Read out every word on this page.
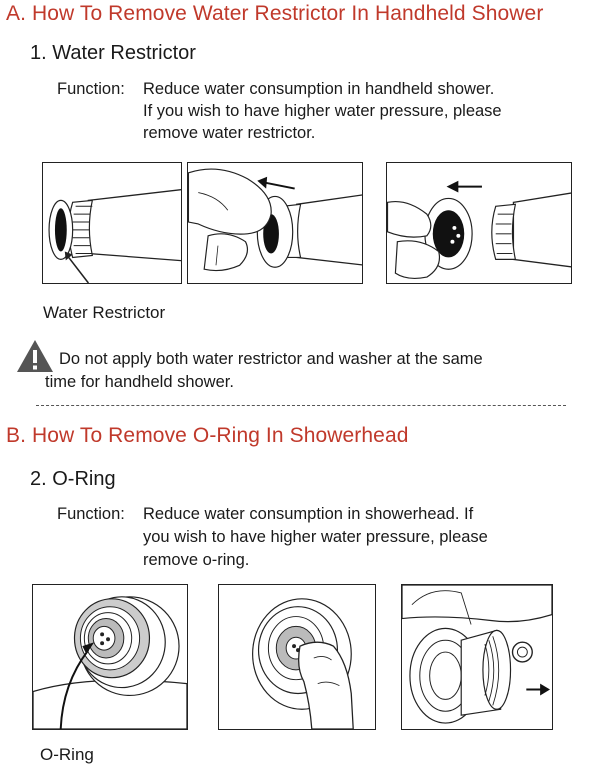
A. How To Remove Water Restrictor In Handheld Shower
1. Water Restrictor
Function: Reduce water consumption in handheld shower.
If you wish to have higher water pressure, please
remove water restrictor.
Water Restrictor
Do not apply both water restrictor and washer at the same
time for handheld shower.
B. How To Remove O-Ring In Showerhead
2. O-Ring
Function: Reduce water consumption in showerhead. If
you wish to have higher water pressure, please
remove o-ring.
O-Ring
